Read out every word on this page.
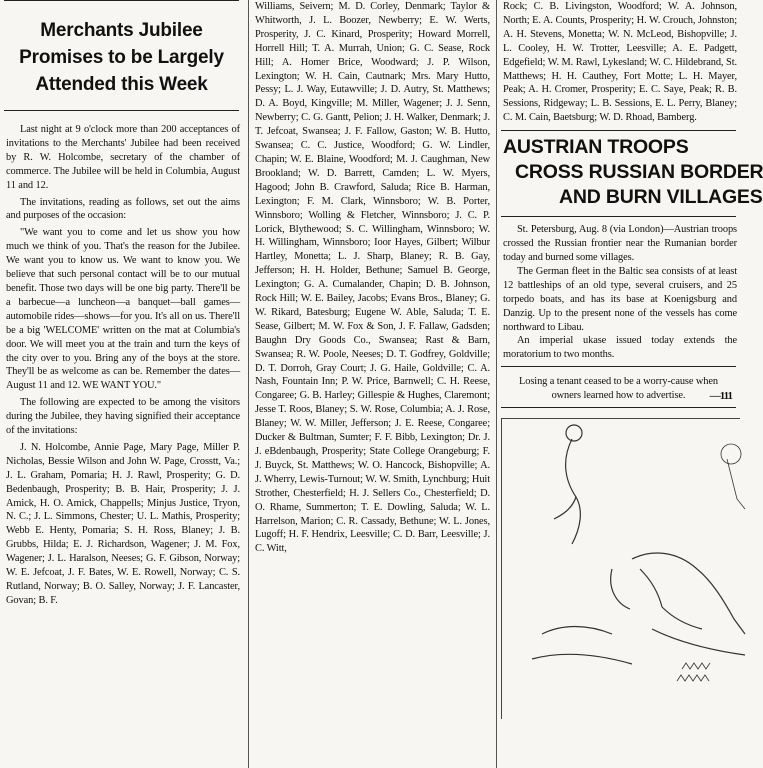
Merchants Jubilee Promises to be Largely Attended this Week

Last night at 9 o'clock more than 200 acceptances of invitations to the Merchants' Jubilee had been received by R. W. Holcombe, secretary of the chamber of commerce. The Jubilee will be held in Columbia, August 11 and 12.

The invitations, reading as follows, set out the aims and purposes of the occasion:

"We want you to come and let us show you how much we think of you. That's the reason for the Jubilee. We want you to know us. We want to know you. We believe that such personal contact will be to our mutual benefit. Those two days will be one big party. There'll be a barbecue—a luncheon—a banquet—ball games—automobile rides—shows—for you. It's all on us. There'll be a big 'WELCOME' written on the mat at Columbia's door. We will meet you at the train and turn the keys of the city over to you. Bring any of the boys at the store. They'll be as welcome as can be. Remember the dates—August 11 and 12. WE WANT YOU."

The following are expected to be among the visitors during the Jubilee, they having signified their acceptance of the invitations:

J. N. Holcombe, Annie Page, Mary Page, Miller P. Nicholas, Bessie Wilson and John W. Page, Crosstt, Va.; J. L. Graham, Pomaria; H. J. Rawl, Prosperity; G. D. Bedenbaugh, Prosperity; B. B. Hair, Prosperity; J. J. Amick, H. O. Amick, Chappells; Minjus Justice, Tryon, N. C.; J. L. Simmons, Chester; U. L. Mathis, Prosperity; Webb E. Henty, Pomaria; S. H. Ross, Blaney; J. B. Grubbs, Hilda; E. J. Richardson, Wagener; J. M. Fox, Wagener; J. L. Haralson, Neeses; G. F. Gibson, Norway; W. E. Jefcoat, J. F. Bates, W. E. Rowell, Norway; C. S. Rutland, Norway; B. O. Salley, Norway; J. F. Lancaster, Govan; B. F.

Williams, Seivern; M. D. Corley, Denmark; Taylor & Whitworth, J. L. Boozer, Newberry; E. W. Werts, Prosperity, J. C. Kinard, Prosperity; Howard Morrell, Horrell Hill; T. A. Murrah, Union; G. C. Sease, Rock Hill; A. Homer Brice, Woodward; J. P. Wilson, Lexington; W. H. Cain, Cautnark; Mrs. Mary Hutto, Pessy; L. J. Way, Eutawville; J. D. Autry, St. Matthews; D. A. Boyd, Kingville; M. Miller, Wagener; J. J. Senn, Newberry; C. G. Gantt, Pelion; J. H. Walker, Denmark; J. T. Jefcoat, Swansea; J. F. Fallow, Gaston; W. B. Hutto, Swansea; C. C. Justice, Woodford; G. W. Lindler, Chapin; W. E. Blaine, Woodford; M. J. Caughman, New Brookland; W. D. Barrett, Camden; L. W. Myers, Hagood; John B. Crawford, Saluda; Rice B. Harman, Lexington; F. M. Clark, Winnsboro; W. B. Porter, Winnsboro; Wolling & Fletcher, Winnsboro; J. C. P. Lorick, Blythewood; S. C. Willingham, Winnsboro; W. H. Willingham, Winnsboro; Ioor Hayes, Gilbert; Wilbur Hartley, Monetta; L. J. Sharp, Blaney; R. B. Gay, Jefferson; H. H. Holder, Bethune; Samuel B. George, Lexington; G. A. Cumalander, Chapin; D. B. Johnson, Rock Hill; W. E. Bailey, Jacobs; Evans Bros., Blaney; G. W. Rikard, Batesburg; Eugene W. Able, Saluda; T. E. Sease, Gilbert; M. W. Fox & Son, J. F. Fallaw, Gadsden; Baughn Dry Goods Co., Swansea; Rast & Barn, Swansea; R. W. Poole, Neeses; D. T. Godfrey, Goldville; D. T. Dorroh, Gray Court; J. G. Haile, Goldville; C. A. Nash, Fountain Inn; P. W. Price, Barnwell; C. H. Reese, Congaree; G. B. Harley; Gillespie & Hughes, Claremont; Jesse T. Roos, Blaney; S. W. Rose, Columbia; A. J. Rose, Blaney; W. W. Miller, Jefferson; J. E. Reese, Congaree; Ducker & Bultman, Sumter; F. F. Bibb, Lexington; Dr. J. J. eBdenbaugh, Prosperity; State College Orangeburg; F. J. Buyck, St. Matthews; W. O. Hancock, Bishopville; A. J. Wherry, Lewis-Turnout; W. W. Smith, Lynchburg; Huit Strother, Chesterfield; H. J. Sellers Co., Chesterfield; D. O. Rhame, Summerton; T. E. Dowling, Saluda; W. L. Harrelson, Marion; C. R. Cassady, Bethune; W. L. Jones, Lugoff; H. F. Hendrix, Leesville; C. D. Barr, Leesville; J. C. Witt,

Rock; C. B. Livingston, Woodford; W. A. Johnson, North; E. A. Counts, Prosperity; H. W. Crouch, Johnston; A. H. Stevens, Monetta; W. N. McLeod, Bishopville; J. L. Cooley, H. W. Trotter, Leesville; A. E. Padgett, Edgefield; W. M. Rawl, Lykesland; W. C. Hildebrand, St. Matthews; H. H. Cauthey, Fort Motte; L. H. Mayer, Peak; A. H. Cromer, Prosperity; E. C. Saye, Peak; R. B. Sessions, Ridgeway; L. B. Sessions, E. L. Perry, Blaney; C. M. Cain, Baetsburg; W. D. Rhoad, Bamberg.

AUSTRIAN TROOPS
CROSS RUSSIAN BORDER
AND BURN VILLAGES

St. Petersburg, Aug. 8 (via London)—Austrian troops crossed the Russian frontier near the Rumanian border today and burned some villages.

The German fleet in the Baltic sea consists of at least 12 battleships of an old type, several cruisers, and 25 torpedo boats, and has its base at Koenigsburg and Danzig. Up to the present none of the vessels has come northward to Libau.

An imperial ukase issued today extends the moratorium to two months.

Losing a tenant ceased to be a worry-cause when owners learned how to advertise.	—111
